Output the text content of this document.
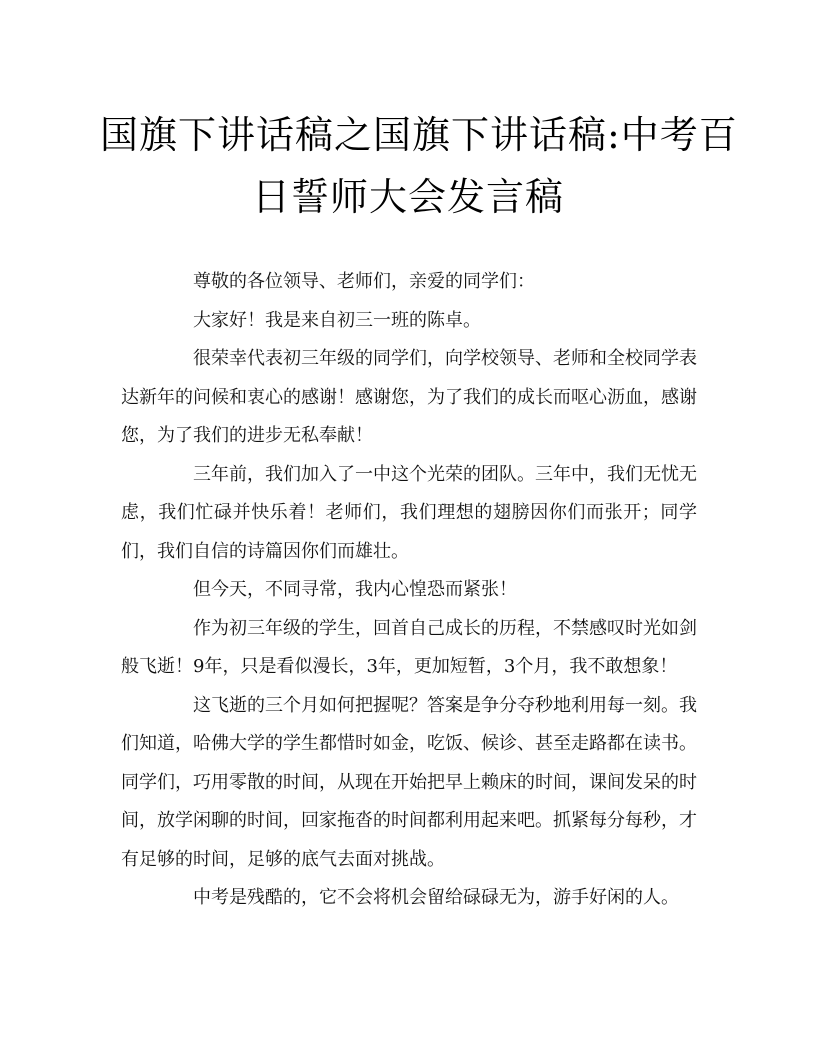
国旗下讲话稿之国旗下讲话稿:中考百
日誓师大会发言稿

尊敬的各位领导、老师们，亲爱的同学们：

大家好！我是来自初三一班的陈卓。

很荣幸代表初三年级的同学们，向学校领导、老师和全校同学表达新年的问候和衷心的感谢！感谢您，为了我们的成长而呕心沥血，感谢您，为了我们的进步无私奉献！

三年前，我们加入了一中这个光荣的团队。三年中，我们无忧无虑，我们忙碌并快乐着！老师们，我们理想的翅膀因你们而张开；同学们，我们自信的诗篇因你们而雄壮。

但今天，不同寻常，我内心惶恐而紧张！

作为初三年级的学生，回首自己成长的历程，不禁感叹时光如剑般飞逝！9年，只是看似漫长，3年，更加短暂，3个月，我不敢想象！

这飞逝的三个月如何把握呢？答案是争分夺秒地利用每一刻。我们知道，哈佛大学的学生都惜时如金，吃饭、候诊、甚至走路都在读书。同学们，巧用零散的时间，从现在开始把早上赖床的时间，课间发呆的时间，放学闲聊的时间，回家拖沓的时间都利用起来吧。抓紧每分每秒，才有足够的时间，足够的底气去面对挑战。

中考是残酷的，它不会将机会留给碌碌无为，游手好闲的人。
